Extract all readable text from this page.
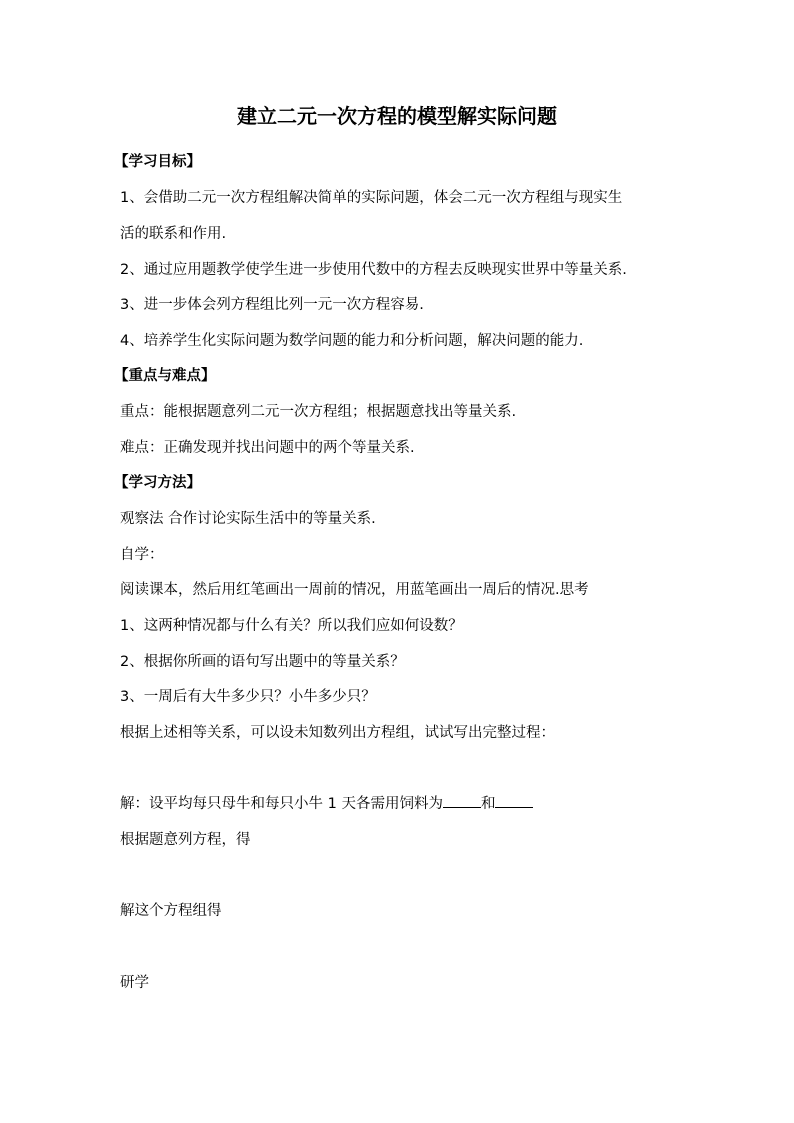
建立二元一次方程的模型解实际问题
【学习目标】
1、会借助二元一次方程组解决简单的实际问题，体会二元一次方程组与现实生
活的联系和作用.
2、通过应用题教学使学生进一步使用代数中的方程去反映现实世界中等量关系.
3、进一步体会列方程组比列一元一次方程容易.
4、培养学生化实际问题为数学问题的能力和分析问题，解决问题的能力.
【重点与难点】
重点：能根据题意列二元一次方程组；根据题意找出等量关系.
难点：正确发现并找出问题中的两个等量关系.
【学习方法】
观察法 合作讨论实际生活中的等量关系.
自学：
阅读课本，然后用红笔画出一周前的情况，用蓝笔画出一周后的情况.思考
1、这两种情况都与什么有关？所以我们应如何设数？
2、根据你所画的语句写出题中的等量关系？
3、一周后有大牛多少只？小牛多少只？
根据上述相等关系，可以设未知数列出方程组，试试写出完整过程：
解：设平均每只母牛和每只小牛 1 天各需用饲料为	和
根据题意列方程，得
解这个方程组得
研学
